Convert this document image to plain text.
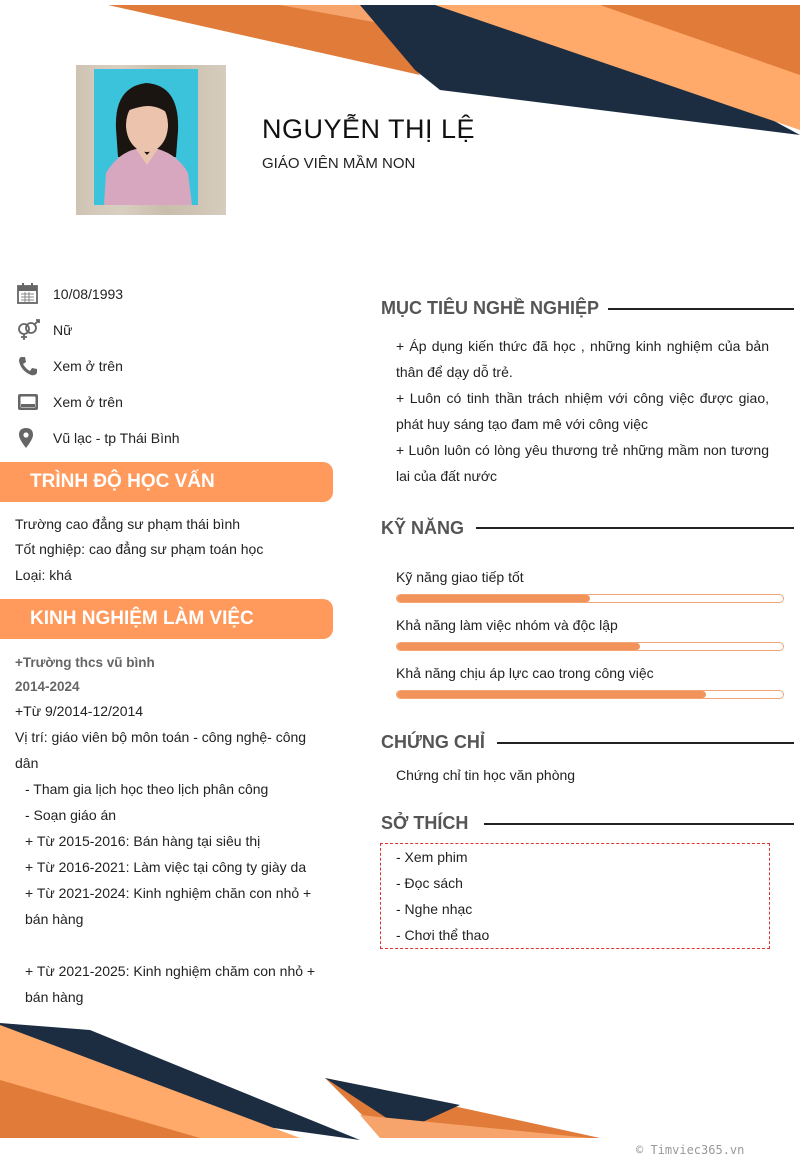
NGUYỄN THỊ LỆ
GIÁO VIÊN MẦM NON
10/08/1993
Nữ
Xem ở trên
Xem ở trên
Vũ lạc - tp Thái Bình
TRÌNH ĐỘ HỌC VẤN
Trường cao đẳng sư phạm thái bình
Tốt nghiệp: cao đẳng sư phạm toán học
Loại: khá
KINH NGHIỆM LÀM VIỆC
+Trường thcs vũ bình
2014-2024
+Từ 9/2014-12/2014
Vị trí: giáo viên bộ môn toán - công nghệ- công
dân
- Tham gia lịch học theo lịch phân công
- Soạn giáo án
+ Từ 2015-2016: Bán hàng tại siêu thị
+ Từ 2016-2021: Làm việc tại công ty giày da
+ Từ 2021-2024: Kinh nghiệm chăn con nhỏ +
bán hàng
+ Từ 2021-2025: Kinh nghiệm chăm con nhỏ +
bán hàng
MỤC TIÊU NGHỀ NGHIỆP
+ Áp dụng kiến thức đã học , những kinh nghiệm của bản thân để dạy dỗ trẻ.
+ Luôn có tinh thần trách nhiệm với công việc được giao, phát huy sáng tạo đam mê với công việc
+ Luôn luôn có lòng yêu thương trẻ những mầm non tương lai của đất nước
KỸ NĂNG
Kỹ năng giao tiếp tốt
Khả năng làm việc nhóm và độc lập
Khả năng chịu áp lực cao trong công việc
CHỨNG CHỈ
Chứng chỉ tin học văn phòng
SỞ THÍCH
- Xem phim
- Đọc sách
- Nghe nhạc
- Chơi thể thao
© Timviec365.vn
